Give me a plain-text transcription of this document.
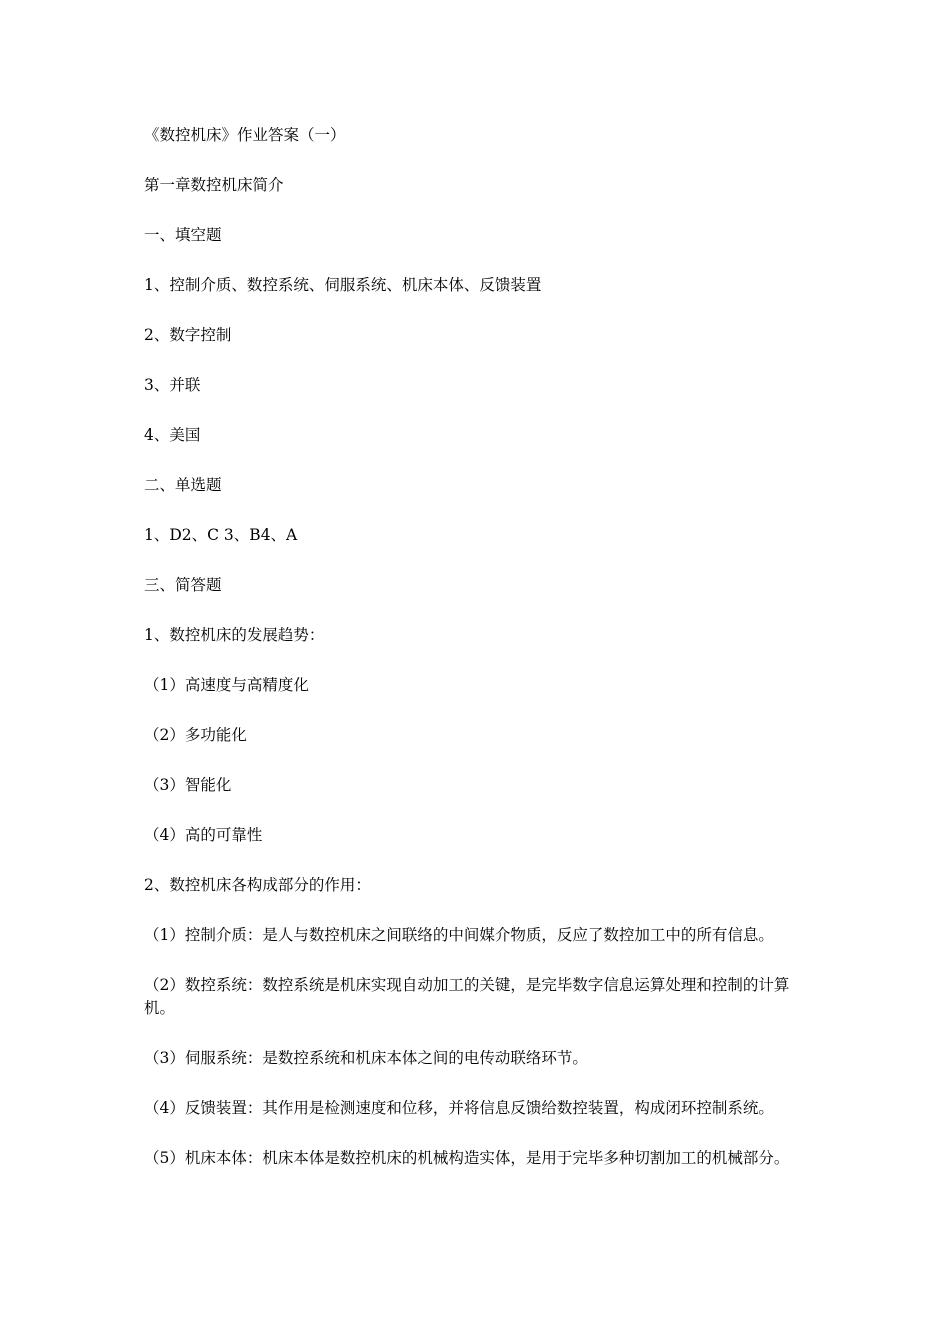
《数控机床》作业答案（一）

第一章数控机床简介

一、填空题

1、控制介质、数控系统、伺服系统、机床本体、反馈装置

2、数字控制

3、并联

4、美国

二、单选题

1、D2、C 3、B4、A

三、简答题

1、数控机床的发展趋势：

（1）高速度与高精度化

（2）多功能化

（3）智能化

（4）高的可靠性

2、数控机床各构成部分的作用：

（1）控制介质：是人与数控机床之间联络的中间媒介物质，反应了数控加工中的所有信息。

（2）数控系统：数控系统是机床实现自动加工的关键，是完毕数字信息运算处理和控制的计算机。

（3）伺服系统：是数控系统和机床本体之间的电传动联络环节。

（4）反馈装置：其作用是检测速度和位移，并将信息反馈给数控装置，构成闭环控制系统。

（5）机床本体：机床本体是数控机床的机械构造实体，是用于完毕多种切割加工的机械部分。
